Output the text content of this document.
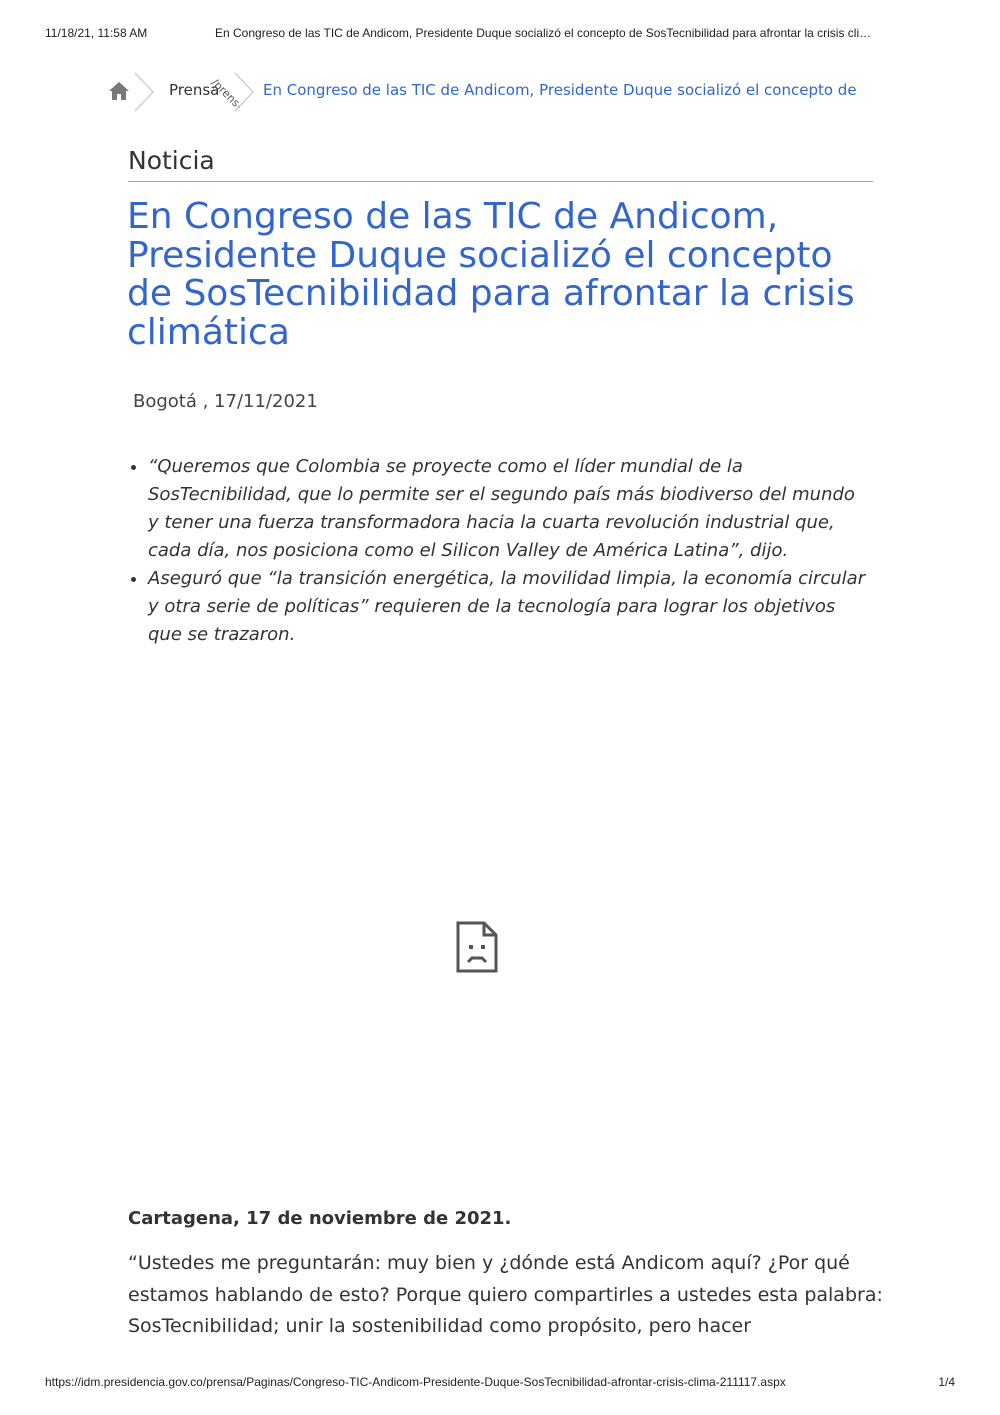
11/18/21, 11:58 AM	En Congreso de las TIC de Andicom, Presidente Duque socializó el concepto de SosTecnibilidad para afrontar la crisis cli…
Prensa
/prens- En Congreso de las TIC de Andicom, Presidente Duque socializó el concepto de
Noticia
En Congreso de las TIC de Andicom, Presidente Duque socializó el concepto de SosTecnibilidad para afrontar la crisis climática
Bogotá , 17/11/2021
• “Queremos que Colombia se proyecte como el líder mundial de la SosTecnibilidad, que lo permite ser el segundo país más biodiverso del mundo y tener una fuerza transformadora hacia la cuarta revolución industrial que, cada día, nos posiciona como el Silicon Valley de América Latina”, dijo.
• Aseguró que “la transición energética, la movilidad limpia, la economía circular y otra serie de políticas” requieren de la tecnología para lograr los objetivos que se trazaron.
Cartagena, 17 de noviembre de 2021.

“Ustedes me preguntarán: muy bien y ¿dónde está Andicom aquí? ¿Por qué estamos hablando de esto? Porque quiero compartirles a ustedes esta palabra: SosTecnibilidad; unir la sostenibilidad como propósito, pero hacer

https://idm.presidencia.gov.co/prensa/Paginas/Congreso-TIC-Andicom-Presidente-Duque-SosTecnibilidad-afrontar-crisis-clima-211117.aspx	1/4
